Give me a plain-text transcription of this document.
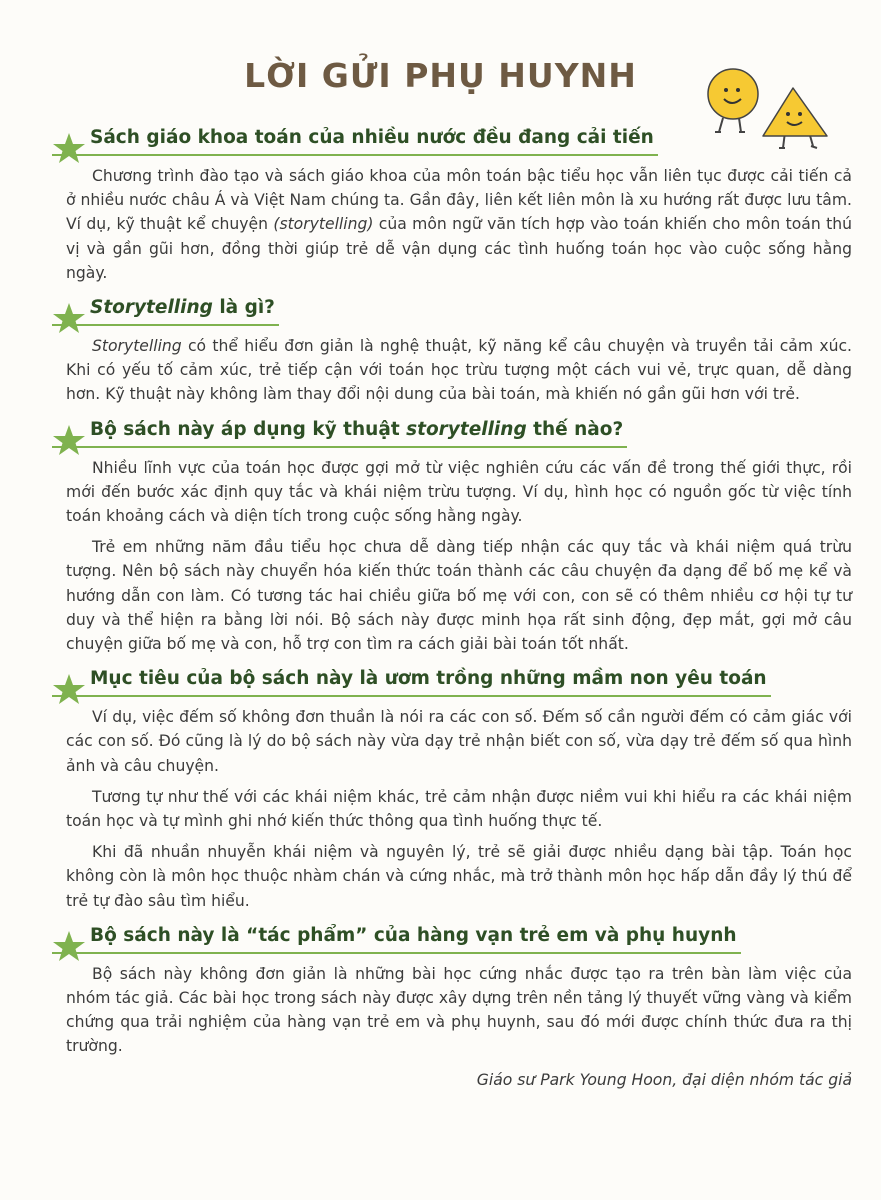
LỜI GỬI PHỤ HUYNH
Sách giáo khoa toán của nhiều nước đều đang cải tiến

Chương trình đào tạo và sách giáo khoa của môn toán bậc tiểu học vẫn liên tục được cải tiến cả ở nhiều nước châu Á và Việt Nam chúng ta. Gần đây, liên kết liên môn là xu hướng rất được lưu tâm. Ví dụ, kỹ thuật kể chuyện (storytelling) của môn ngữ văn tích hợp vào toán khiến cho môn toán thú vị và gần gũi hơn, đồng thời giúp trẻ dễ vận dụng các tình huống toán học vào cuộc sống hằng ngày.

Storytelling là gì?

Storytelling có thể hiểu đơn giản là nghệ thuật, kỹ năng kể câu chuyện và truyền tải cảm xúc. Khi có yếu tố cảm xúc, trẻ tiếp cận với toán học trừu tượng một cách vui vẻ, trực quan, dễ dàng hơn. Kỹ thuật này không làm thay đổi nội dung của bài toán, mà khiến nó gần gũi hơn với trẻ.

Bộ sách này áp dụng kỹ thuật storytelling thế nào?

Nhiều lĩnh vực của toán học được gợi mở từ việc nghiên cứu các vấn đề trong thế giới thực, rồi mới đến bước xác định quy tắc và khái niệm trừu tượng. Ví dụ, hình học có nguồn gốc từ việc tính toán khoảng cách và diện tích trong cuộc sống hằng ngày.

Trẻ em những năm đầu tiểu học chưa dễ dàng tiếp nhận các quy tắc và khái niệm quá trừu tượng. Nên bộ sách này chuyển hóa kiến thức toán thành các câu chuyện đa dạng để bố mẹ kể và hướng dẫn con làm. Có tương tác hai chiều giữa bố mẹ với con, con sẽ có thêm nhiều cơ hội tự tư duy và thể hiện ra bằng lời nói. Bộ sách này được minh họa rất sinh động, đẹp mắt, gợi mở câu chuyện giữa bố mẹ và con, hỗ trợ con tìm ra cách giải bài toán tốt nhất.

Mục tiêu của bộ sách này là ươm trồng những mầm non yêu toán

Ví dụ, việc đếm số không đơn thuần là nói ra các con số. Đếm số cần người đếm có cảm giác với các con số. Đó cũng là lý do bộ sách này vừa dạy trẻ nhận biết con số, vừa dạy trẻ đếm số qua hình ảnh và câu chuyện.

Tương tự như thế với các khái niệm khác, trẻ cảm nhận được niềm vui khi hiểu ra các khái niệm toán học và tự mình ghi nhớ kiến thức thông qua tình huống thực tế.

Khi đã nhuần nhuyễn khái niệm và nguyên lý, trẻ sẽ giải được nhiều dạng bài tập. Toán học không còn là môn học thuộc nhàm chán và cứng nhắc, mà trở thành môn học hấp dẫn đầy lý thú để trẻ tự đào sâu tìm hiểu.

Bộ sách này là “tác phẩm” của hàng vạn trẻ em và phụ huynh

Bộ sách này không đơn giản là những bài học cứng nhắc được tạo ra trên bàn làm việc của nhóm tác giả. Các bài học trong sách này được xây dựng trên nền tảng lý thuyết vững vàng và kiểm chứng qua trải nghiệm của hàng vạn trẻ em và phụ huynh, sau đó mới được chính thức đưa ra thị trường.

Giáo sư Park Young Hoon, đại diện nhóm tác giả
